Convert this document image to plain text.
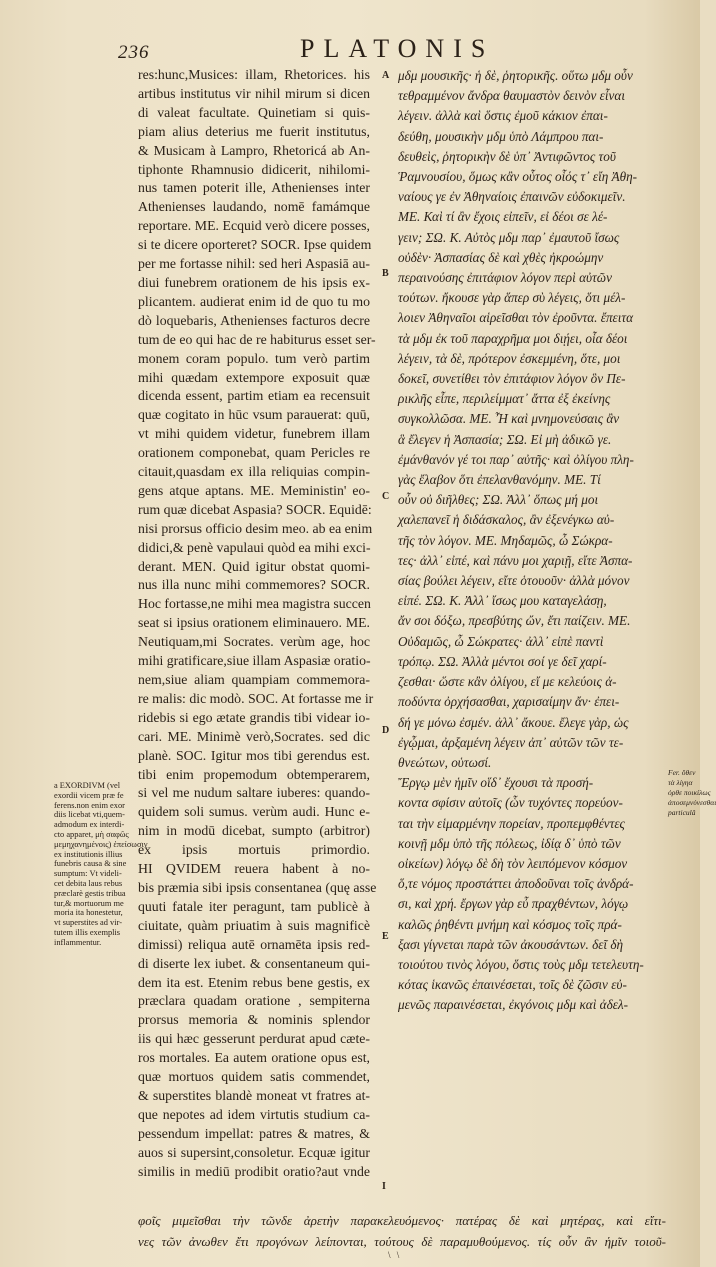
236	PLATONIS
res:hunc,Musices: illam, Rhetorices. his
artibus institutus vir nihil mirum si dicen
di valeat facultate. Quinetiam si quis-
piam alius deterius me fuerit institutus,
& Musicam à Lampro, Rhetoricá ab An-
tiphonte Rhamnusio didicerit, nihilomi-
nus tamen poterit ille, Athenienses inter
Athenienses laudando, nomē famámque
reportare. ME. Ecquid verò dicere posses,
si te dicere oporteret? SOCR. Ipse quidem
per me fortasse nihil: sed heri Aspasiā au-
diui funebrem orationem de his ipsis ex-
plicantem. audierat enim id de quo tu mo
dò loquebaris, Athenienses facturos decre
tum de eo qui hac de re habiturus esset ser-
monem coram populo. tum verò partim
mihi quædam extempore exposuit quæ
dicenda essent, partim etiam ea recensuit
quæ cogitato in hūc vsum parauerat: quū,
vt mihi quidem videtur, funebrem illam
orationem componebat, quam Pericles re
citauit,quasdam ex illa reliquias compin-
gens atque aptans. ME. Meministin' eo-
rum quæ dicebat Aspasia? SOCR. Equidē:
nisi prorsus officio desim meo. ab ea enim
didici,& penè vapulaui quòd ea mihi exci-
derant. MEN. Quid igitur obstat quomi-
nus illa nunc mihi commemores? SOCR.
Hoc fortasse,ne mihi mea magistra succen
seat si ipsius orationem eliminauero. ME.
Neutiquam,mi Socrates. verùm age, hoc
mihi gratificare,siue illam Aspasiæ oratio-
nem,siue aliam quampiam commemora-
re malis: dic modò. SOC. At fortasse me ir
ridebis si ego ætate grandis tibi videar io-
cari. ME. Minimè verò,Socrates. sed dic
planè. SOC. Igitur mos tibi gerendus est.
tibi enim propemodum obtemperarem,
si vel me nudum saltare iuberes: quando-
quidem soli sumus. verùm audi. Hunc e-
nim in modū dicebat, sumpto (arbitror)
ex ipsis mortuis primordio.
HI QVIDEM reuera habent à no-
bis præmia sibi ipsis consentanea (quę asse
quuti fatale iter peragunt, tam publicè à
ciuitate, quàm priuatim à suis magnificè
dimissi) reliqua autē ornamēta ipsis red-
di diserte lex iubet. & consentaneum qui-
dem ita est. Etenim rebus bene gestis, ex
præclara quadam oratione , sempiterna
prorsus memoria & nominis splendor
iis qui hæc gesserunt perdurat apud cæte-
ros mortales. Ea autem oratione opus est,
quæ mortuos quidem satis commendet,
& superstites blandè moneat vt fratres at-
que nepotes ad idem virtutis studium ca-
pessendum impellat: patres & matres, &
auos si supersint,consoletur. Ecquæ igitur
similis in mediū prodibit oratio?aut vnde
μδμ μουσικῆς· ἡ δὲ, ῥητορικῆς. οὕτω μδμ οὖν
τεθραμμένον ἄνδρα θαυμαστὸν δεινὸν εἶναι
λέγειν. ἀλλὰ καὶ ὅστις ἐμοῦ κάκιον ἐπαι-
δεύθη, μουσικὴν μδμ ὑπὸ Λάμπρου παι-
δευθεὶς, ῥητορικὴν δὲ ὑπ᾽ Ἀντιφῶντος τοῦ
Ῥαμνουσίου, ὅμως κἂν οὗτος οἷός τ᾽ εἴη Ἀθη-
ναίους γε ἐν Ἀθηναίοις ἐπαινῶν εὐδοκιμεῖν.
ΜΕ. Καὶ τί ἂν ἔχοις εἰπεῖν, εἰ δέοι σε λέ-
γειν; ΣΩ. Κ. Αὐτὸς μδμ παρ᾽ ἐμαυτοῦ ἴσως
οὐδὲν· Ἀσπασίας δὲ καὶ χθὲς ἠκροώμην
περαινούσης ἐπιτάφιον λόγον περὶ αὐτῶν
τούτων. ἤκουσε γὰρ ἅπερ σὺ λέγεις, ὅτι μέλ-
λοιεν Ἀθηναῖοι αἱρεῖσθαι τὸν ἐροῦντα. ἔπειτα
τὰ μδμ ἐκ τοῦ παραχρῆμα μοι διῄει, οἷα δέοι
λέγειν, τὰ δὲ, πρότερον ἐσκεμμένη, ὅτε, μοι
δοκεῖ, συνετίθει τὸν ἐπιτάφιον λόγον ὃν Πε-
ρικλῆς εἶπε, περιλείμματ᾽ ἄττα ἐξ ἐκείνης
συγκολλῶσα. ΜΕ. Ἦ καὶ μνημονεύσαις ἂν
ἃ ἔλεγεν ἡ Ἀσπασία; ΣΩ. Εἰ μὴ ἀδικῶ γε.
ἐμάνθανόν γέ τοι παρ᾽ αὐτῆς· καὶ ὀλίγου πλη-
γὰς ἔλαβον ὅτι ἐπελανθανόμην. ΜΕ. Τί
οὖν οὐ διῆλθες; ΣΩ. Ἀλλ᾽ ὅπως μή μοι
χαλεπανεῖ ἡ διδάσκαλος, ἂν ἐξενέγκω αὐ-
τῆς τὸν λόγον. ΜΕ. Μηδαμῶς, ὦ Σώκρα-
τες· ἀλλ᾽ εἰπέ, καὶ πάνυ μοι χαριῇ, εἴτε Ἀσπα-
σίας βούλει λέγειν, εἴτε ὁτουοῦν· ἀλλὰ μόνον
εἰπέ. ΣΩ. Κ. Ἀλλ᾽ ἴσως μου καταγελάσῃ,
ἄν σοι δόξω, πρεσβύτης ὤν, ἔτι παίζειν. ΜΕ.
Οὐδαμῶς, ὦ Σώκρατες· ἀλλ᾽ εἰπὲ παντὶ
τρόπῳ. ΣΩ. Ἀλλὰ μέντοι σοί γε δεῖ χαρί-
ζεσθαι· ὥστε κἂν ὀλίγου, εἴ με κελεύοις ἀ-
ποδύντα ὀρχήσασθαι, χαρισαίμην ἄν· ἐπει-
δή γε μόνω ἐσμέν. ἀλλ᾽ ἄκουε. ἔλεγε γὰρ, ὡς
ἐγᾦμαι, ἀρξαμένη λέγειν ἀπ᾽ αὐτῶν τῶν τε-
θνεώτων, οὑτωσί.
Ἔργῳ μὲν ἡμῖν οἵδ᾽ ἔχουσι τὰ προσή-
κοντα σφίσιν αὐτοῖς (ὧν τυχόντες πορεύον-
ται τὴν εἱμαρμένην πορείαν, προπεμφθέντες
κοινῇ μδμ ὑπὸ τῆς πόλεως, ἰδίᾳ δ᾽ ὑπὸ τῶν
οἰκείων) λόγῳ δὲ δὴ τὸν λειπόμενον κόσμον
ὅ,τε νόμος προστάττει ἀποδοῦναι τοῖς ἀνδρά-
σι, καὶ χρή. ἔργων γὰρ εὖ πραχθέντων, λόγῳ
καλῶς ῥηθέντι μνήμη καὶ κόσμος τοῖς πρά-
ξασι γίγνεται παρὰ τῶν ἀκουσάντων. δεῖ δὴ
τοιούτου τινὸς λόγου, ὅστις τοὺς μδμ τετελευτη-
κότας ἱκανῶς ἐπαινέσεται, τοῖς δὲ ζῶσιν εὐ-
μενῶς παραινέσεται, ἐκγόνοις μδμ καὶ ἀδελ-
A
B
C
D
E
I
a EXORDIVM (vel
exordii vicem præ fe
ferens.non enim exor
diis licebat vti,quem-
admodum ex interdi-
cto apparet, μὴ σαφῶς
μεμηχανημένοις) ἐπείσωσιν
ex institutionis illius
funebris causa & sine
sumptum: Vt videli-
cet debita laus rebus
præclarè gestis tribua
tur,& mortuorum me
moria ita honestetur,
vt superstites ad vir-
tutem illis exemplis
inflammentur.
Fer. ὄθεν
τὰ λίγηα
ὀρθε ποικίλως
ἀποσεμνύνεσθαι
particulâ
φοῖς μιμεῖσθαι τὴν τῶνδε ἀρετὴν παρακελευόμενος· πατέρας δὲ καὶ μητέρας, καὶ εἴτι-
νες τῶν ἀνωθεν ἔτι προγόνων λείπονται, τούτους δὲ παραμυθούμενος. τίς οὖν ἂν ἡμῖν τοιοῦ-
\ \
